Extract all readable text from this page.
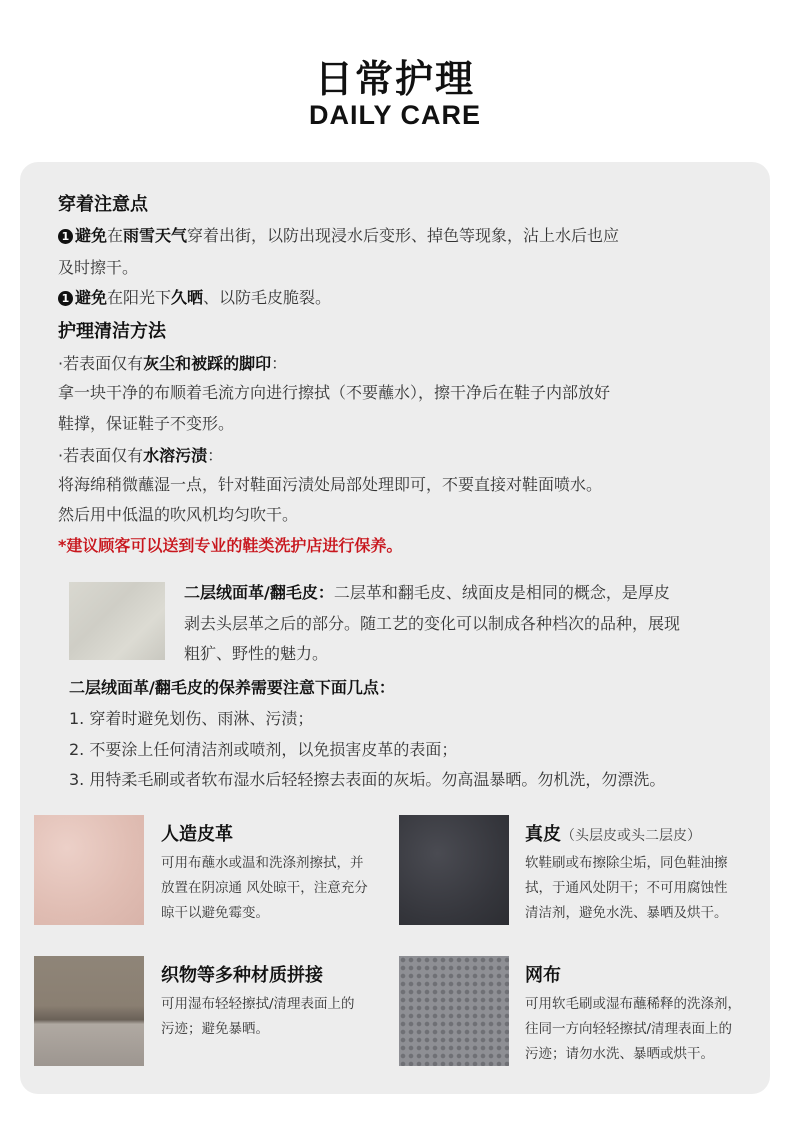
日常护理
DAILY CARE
穿着注意点
1 避免在雨雪天气穿着出街，以防出现浸水后变形、掉色等现象，沾上水后也应
及时擦干。
1 避免在阳光下久晒、以防毛皮脆裂。
护理清洁方法
·若表面仅有灰尘和被踩的脚印：
拿一块干净的布顺着毛流方向进行擦拭（不要蘸水），擦干净后在鞋子内部放好
鞋撑，保证鞋子不变形。
·若表面仅有水溶污渍：
将海绵稍微蘸湿一点，针对鞋面污渍处局部处理即可，不要直接对鞋面喷水。
然后用中低温的吹风机均匀吹干。
*建议顾客可以送到专业的鞋类洗护店进行保养。
二层绒面革/翻毛皮：二层革和翻毛皮、绒面皮是相同的概念，是厚皮
剥去头层革之后的部分。随工艺的变化可以制成各种档次的品种，展现
粗犷、野性的魅力。
二层绒面革/翻毛皮的保养需要注意下面几点：
1. 穿着时避免划伤、雨淋、污渍；
2. 不要涂上任何清洁剂或喷剂，以免损害皮革的表面；
3. 用特柔毛刷或者软布湿水后轻轻擦去表面的灰垢。勿高温暴晒。勿机洗，勿漂洗。
人造皮革
可用布蘸水或温和洗涤剂擦拭，并
放置在阴凉通 风处晾干，注意充分
晾干以避免霉变。
真皮（头层皮或头二层皮）
软鞋刷或布擦除尘垢，同色鞋油擦
拭，于通风处阴干；不可用腐蚀性
清洁剂，避免水洗、暴晒及烘干。
织物等多种材质拼接
可用湿布轻轻擦拭/清理表面上的
污迹；避免暴晒。
网布
可用软毛刷或湿布蘸稀释的洗涤剂，
往同一方向轻轻擦拭/清理表面上的
污迹；请勿水洗、暴晒或烘干。
